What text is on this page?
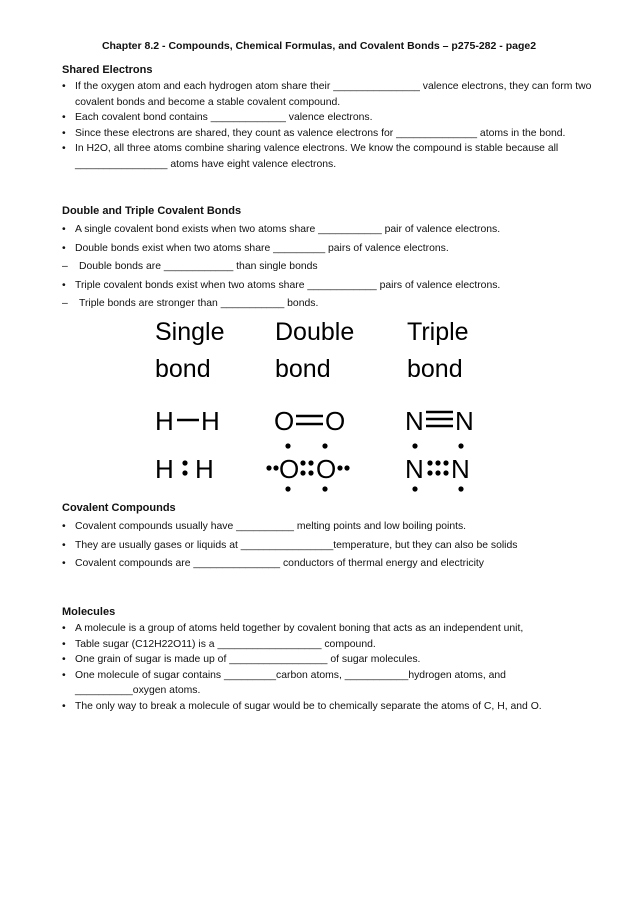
Chapter 8.2 - Compounds, Chemical Formulas, and Covalent Bonds – p275-282 - page2
Shared Electrons
• If the oxygen atom and each hydrogen atom share their _______________ valence electrons, they can form two covalent bonds and become a stable covalent compound.
• Each covalent bond contains _____________ valence electrons.
• Since these electrons are shared, they count as valence electrons for ______________ atoms in the bond.
• In H2O, all three atoms combine sharing valence electrons. We know the compound is stable because all ________________ atoms have eight valence electrons.
Double and Triple Covalent Bonds
• A single covalent bond exists when two atoms share ___________ pair of valence electrons.
• Double bonds exist when two atoms share _________ pairs of valence electrons.
– Double bonds are ____________ than single bonds
• Triple covalent bonds exist when two atoms share ____________ pairs of valence electrons.
– Triple bonds are stronger than ___________ bonds.
Single
bond
Double
bond
Triple
bond
H H O O N N
H H	O O	N N
Covalent Compounds
• Covalent compounds usually have __________ melting points and low boiling points.
• They are usually gases or liquids at ________________temperature, but they can also be solids
• Covalent compounds are _______________ conductors of thermal energy and electricity
Molecules
• A molecule is a group of atoms held together by covalent boning that acts as an independent unit,
• Table sugar (C12H22O11) is a __________________ compound.
• One grain of sugar is made up of _________________ of sugar molecules.
• One molecule of sugar contains _________carbon atoms, ___________hydrogen atoms, and __________oxygen atoms.
• The only way to break a molecule of sugar would be to chemically separate the atoms of C, H, and O.
